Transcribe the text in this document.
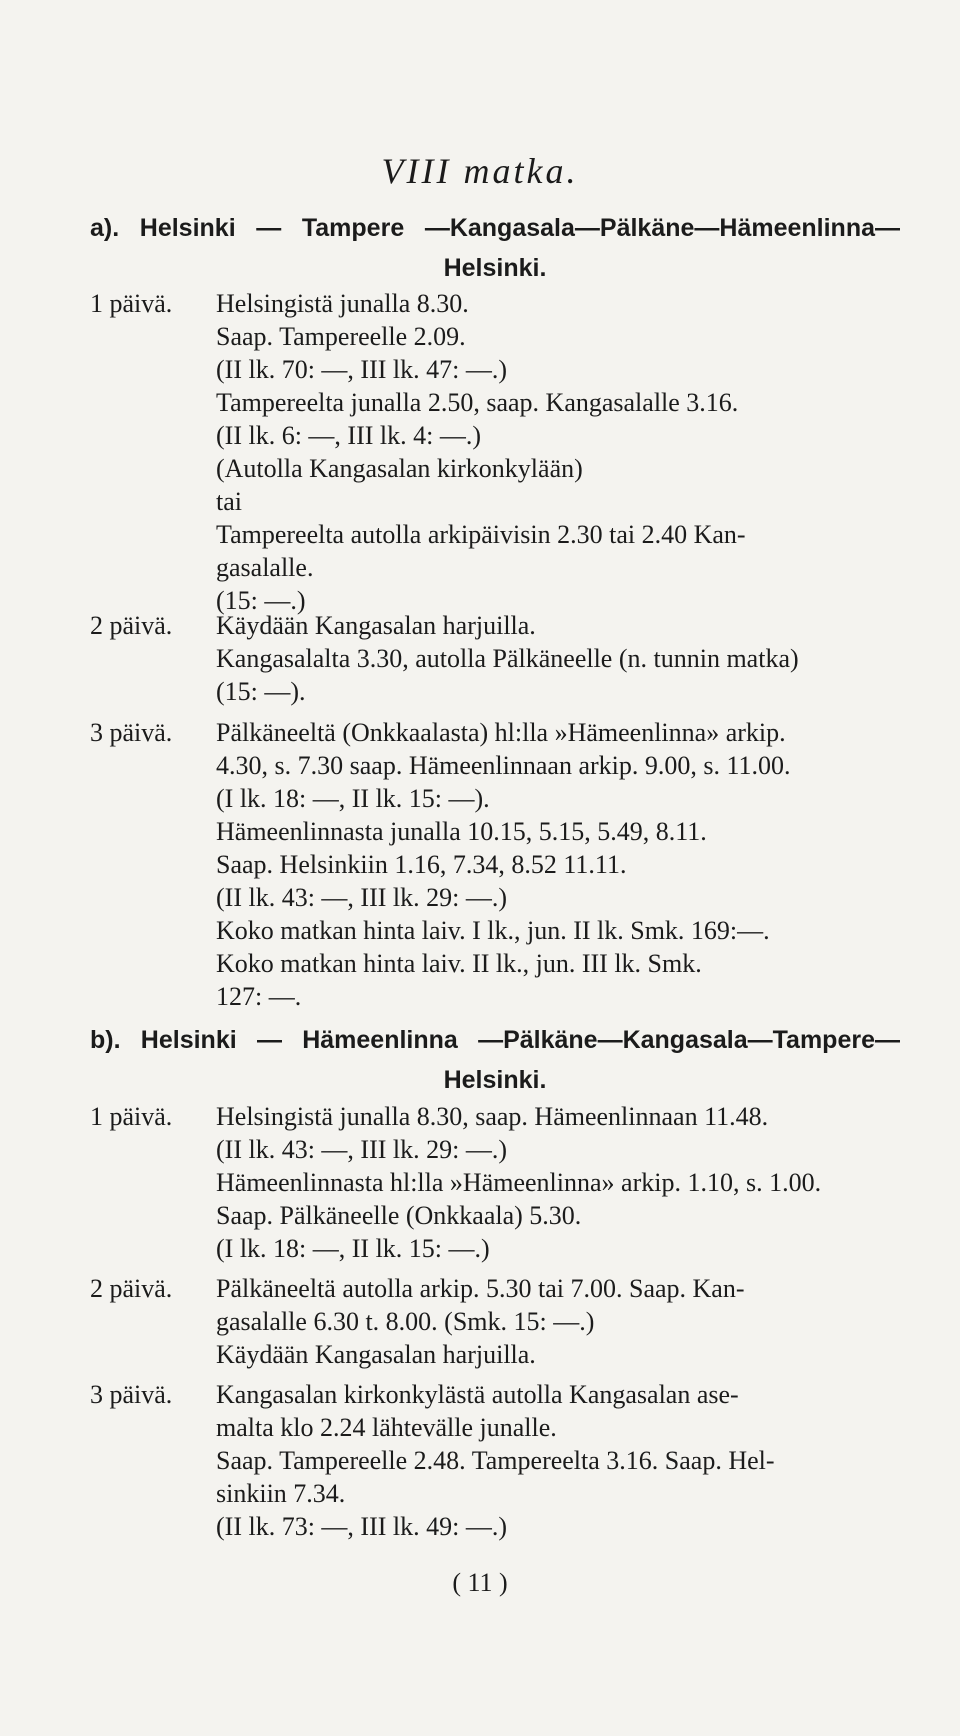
VIII matka.
a). Helsinki — Tampere —Kangasala—Pälkäne—Hämeenlinna—
Helsinki.
1 päivä. Helsingistä junalla 8.30.
Saap. Tampereelle 2.09.
(II lk. 70: —, III lk. 47: —.)
Tampereelta junalla 2.50, saap. Kangasalalle 3.16.
(II lk. 6: —, III lk. 4: —.)
(Autolla Kangasalan kirkonkylään)
tai
Tampereelta autolla arkipäivisin 2.30 tai 2.40 Kan-
gasalalle.
(15: —.)
2 päivä. Käydään Kangasalan harjuilla.
Kangasalalta 3.30, autolla Pälkäneelle (n. tunnin matka)
(15: —).
3 päivä. Pälkäneeltä (Onkkaalasta) hl:lla »Hämeenlinna» arkip.
4.30, s. 7.30 saap. Hämeenlinnaan arkip. 9.00, s. 11.00.
(I lk. 18: —, II lk. 15: —).
Hämeenlinnasta junalla 10.15, 5.15, 5.49, 8.11.
Saap. Helsinkiin 1.16, 7.34, 8.52 11.11.
(II lk. 43: —, III lk. 29: —.)
Koko matkan hinta laiv. I lk., jun. II lk. Smk. 169:—.
Koko matkan hinta laiv. II lk., jun. III lk. Smk.
127: —.
b). Helsinki — Hämeenlinna —Pälkäne—Kangasala—Tampere—
Helsinki.
1 päivä. Helsingistä junalla 8.30, saap. Hämeenlinnaan 11.48.
(II lk. 43: —, III lk. 29: —.)
Hämeenlinnasta hl:lla »Hämeenlinna» arkip. 1.10, s. 1.00.
Saap. Pälkäneelle (Onkkaala) 5.30.
(I lk. 18: —, II lk. 15: —.)
2 päivä. Pälkäneeltä autolla arkip. 5.30 tai 7.00. Saap. Kan-
gasalalle 6.30 t. 8.00. (Smk. 15: —.)
Käydään Kangasalan harjuilla.
3 päivä. Kangasalan kirkonkylästä autolla Kangasalan ase-
malta klo 2.24 lähtevälle junalle.
Saap. Tampereelle 2.48. Tampereelta 3.16. Saap. Hel-
sinkiin 7.34.
(II lk. 73: —, III lk. 49: —.)
( 11 )
